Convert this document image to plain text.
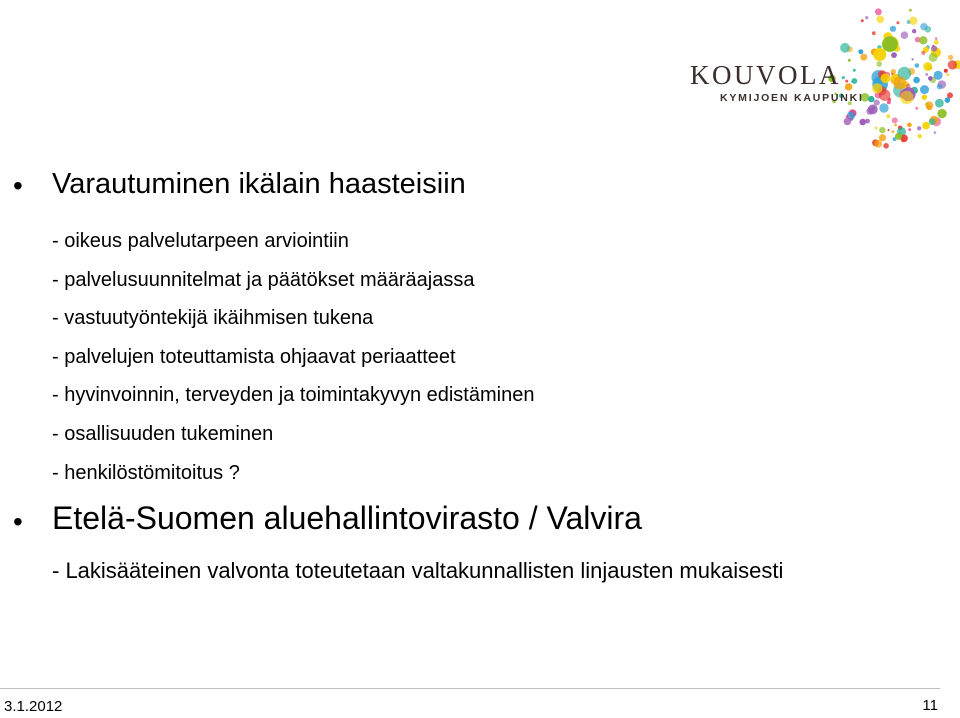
KOUVOLA
KYMIJOEN KAUPUNKI
• Varautuminen ikälain haasteisiin
- oikeus palvelutarpeen arviointiin
- palvelusuunnitelmat ja päätökset määräajassa
- vastuutyöntekijä ikäihmisen tukena
- palvelujen toteuttamista ohjaavat periaatteet
- hyvinvoinnin, terveyden ja toimintakyvyn edistäminen
- osallisuuden tukeminen
- henkilöstömitoitus ?
• Etelä-Suomen aluehallintovirasto / Valvira
- Lakisääteinen valvonta toteutetaan valtakunnallisten linjausten mukaisesti
3.1.2012	11
